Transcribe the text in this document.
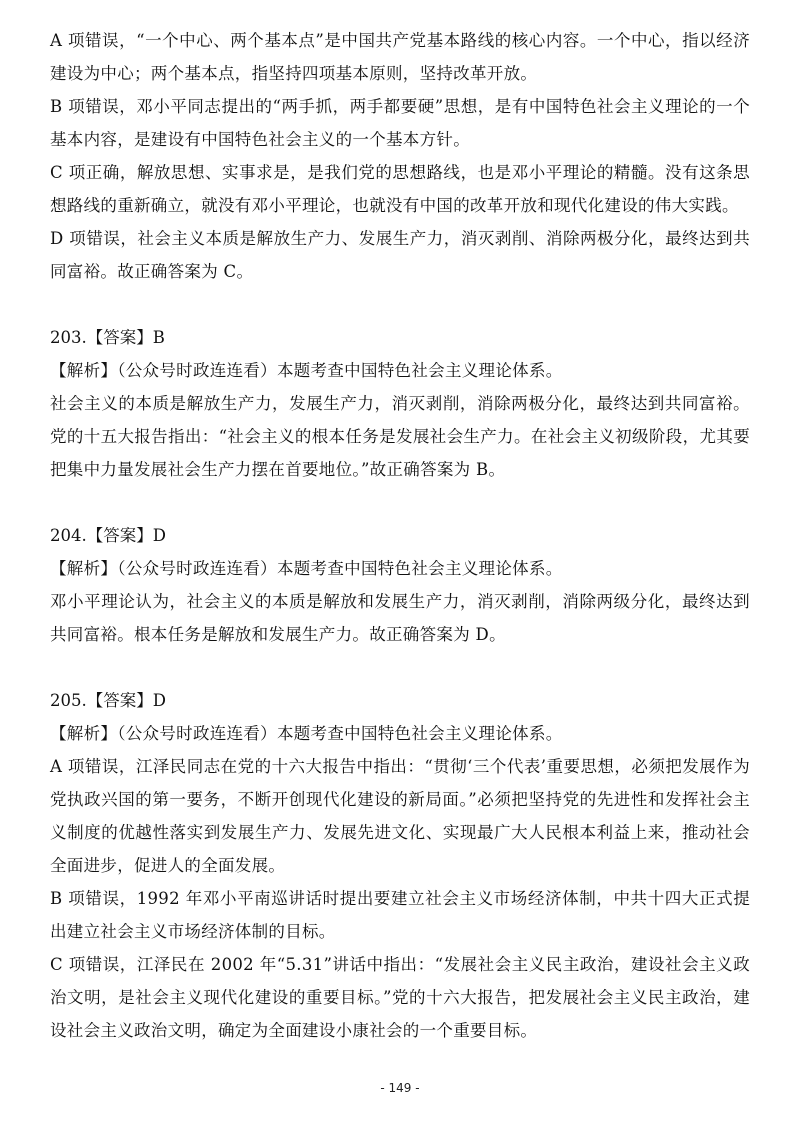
A 项错误，“一个中心、两个基本点”是中国共产党基本路线的核心内容。一个中心，指以经济建设为中心；两个基本点，指坚持四项基本原则，坚持改革开放。

B 项错误，邓小平同志提出的“两手抓，两手都要硬”思想，是有中国特色社会主义理论的一个基本内容，是建设有中国特色社会主义的一个基本方针。

C 项正确，解放思想、实事求是，是我们党的思想路线，也是邓小平理论的精髓。没有这条思想路线的重新确立，就没有邓小平理论，也就没有中国的改革开放和现代化建设的伟大实践。

D 项错误，社会主义本质是解放生产力、发展生产力，消灭剥削、消除两极分化，最终达到共同富裕。故正确答案为 C。

203.【答案】B

【解析】（公众号时政连连看）本题考查中国特色社会主义理论体系。

社会主义的本质是解放生产力，发展生产力，消灭剥削，消除两极分化，最终达到共同富裕。党的十五大报告指出：“社会主义的根本任务是发展社会生产力。在社会主义初级阶段，尤其要把集中力量发展社会生产力摆在首要地位。”故正确答案为 B。

204.【答案】D

【解析】（公众号时政连连看）本题考查中国特色社会主义理论体系。

邓小平理论认为，社会主义的本质是解放和发展生产力，消灭剥削，消除两级分化，最终达到共同富裕。根本任务是解放和发展生产力。故正确答案为 D。

205.【答案】D

【解析】（公众号时政连连看）本题考查中国特色社会主义理论体系。

A 项错误，江泽民同志在党的十六大报告中指出：“贯彻‘三个代表’重要思想，必须把发展作为党执政兴国的第一要务，不断开创现代化建设的新局面。”必须把坚持党的先进性和发挥社会主义制度的优越性落实到发展生产力、发展先进文化、实现最广大人民根本利益上来，推动社会全面进步，促进人的全面发展。

B 项错误，1992 年邓小平南巡讲话时提出要建立社会主义市场经济体制，中共十四大正式提出建立社会主义市场经济体制的目标。

C 项错误，江泽民在 2002 年“5.31”讲话中指出：“发展社会主义民主政治，建设社会主义政治文明，是社会主义现代化建设的重要目标。”党的十六大报告，把发展社会主义民主政治，建设社会主义政治文明，确定为全面建设小康社会的一个重要目标。

- 149 -
